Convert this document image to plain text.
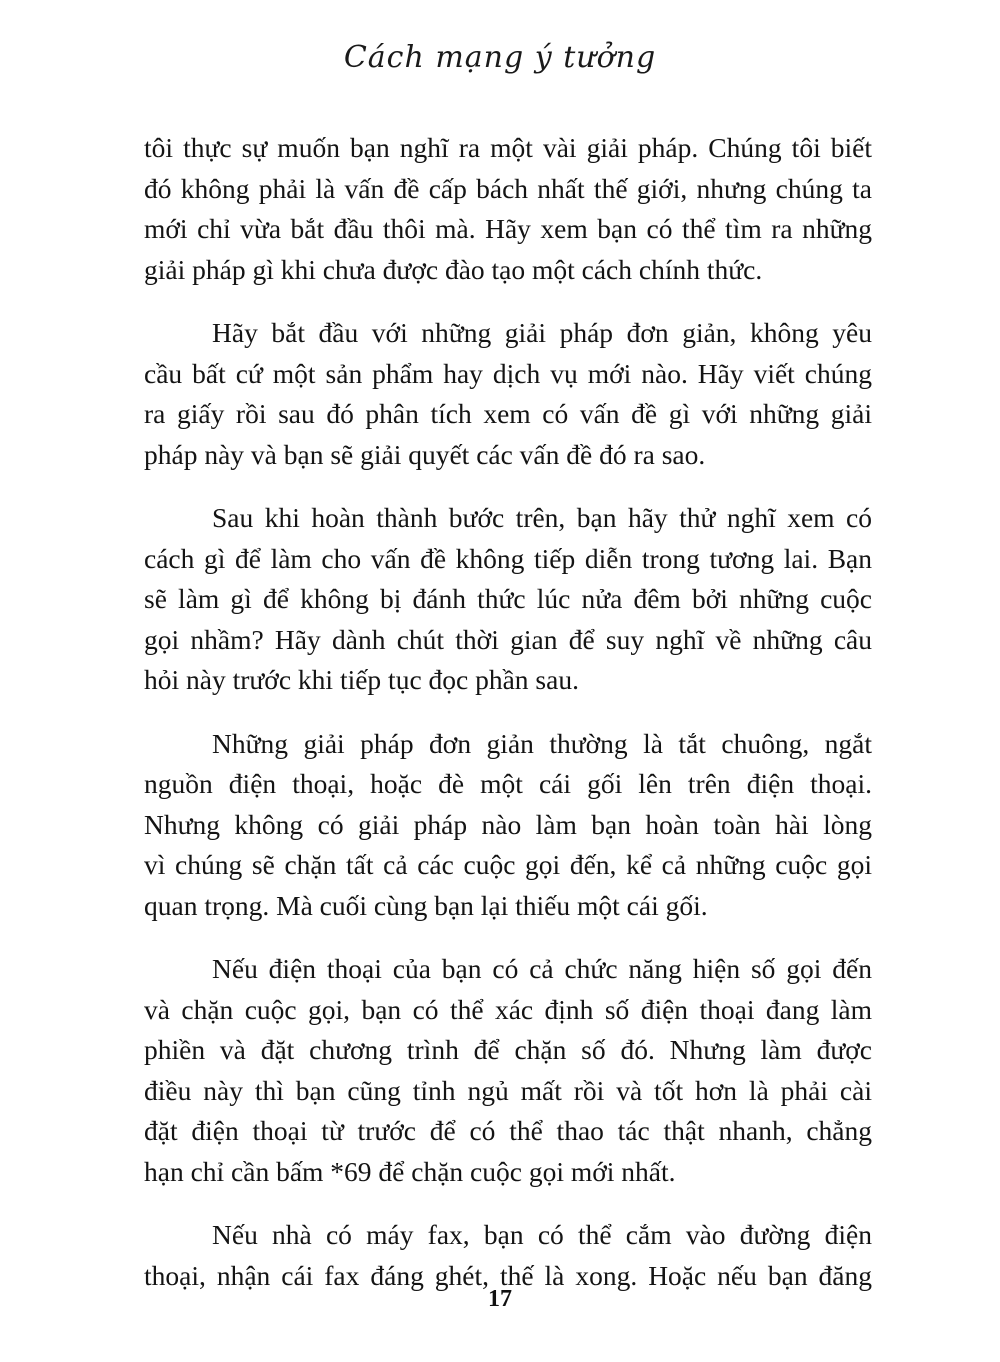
Cách mạng ý tưởng

tôi thực sự muốn bạn nghĩ ra một vài giải pháp. Chúng tôi biết
đó không phải là vấn đề cấp bách nhất thế giới, nhưng chúng ta
mới chỉ vừa bắt đầu thôi mà. Hãy xem bạn có thể tìm ra những
giải pháp gì khi chưa được đào tạo một cách chính thức.

Hãy bắt đầu với những giải pháp đơn giản, không yêu
cầu bất cứ một sản phẩm hay dịch vụ mới nào. Hãy viết chúng
ra giấy rồi sau đó phân tích xem có vấn đề gì với những giải
pháp này và bạn sẽ giải quyết các vấn đề đó ra sao.

Sau khi hoàn thành bước trên, bạn hãy thử nghĩ xem có
cách gì để làm cho vấn đề không tiếp diễn trong tương lai. Bạn
sẽ làm gì để không bị đánh thức lúc nửa đêm bởi những cuộc
gọi nhầm? Hãy dành chút thời gian để suy nghĩ về những câu
hỏi này trước khi tiếp tục đọc phần sau.

Những giải pháp đơn giản thường là tắt chuông, ngắt
nguồn điện thoại, hoặc đè một cái gối lên trên điện thoại.
Nhưng không có giải pháp nào làm bạn hoàn toàn hài lòng
vì chúng sẽ chặn tất cả các cuộc gọi đến, kể cả những cuộc gọi
quan trọng. Mà cuối cùng bạn lại thiếu một cái gối.

Nếu điện thoại của bạn có cả chức năng hiện số gọi đến
và chặn cuộc gọi, bạn có thể xác định số điện thoại đang làm
phiền và đặt chương trình để chặn số đó. Nhưng làm được
điều này thì bạn cũng tỉnh ngủ mất rồi và tốt hơn là phải cài
đặt điện thoại từ trước để có thể thao tác thật nhanh, chẳng
hạn chỉ cần bấm *69 để chặn cuộc gọi mới nhất.

Nếu nhà có máy fax, bạn có thể cắm vào đường điện
thoại, nhận cái fax đáng ghét, thế là xong. Hoặc nếu bạn đăng

17
